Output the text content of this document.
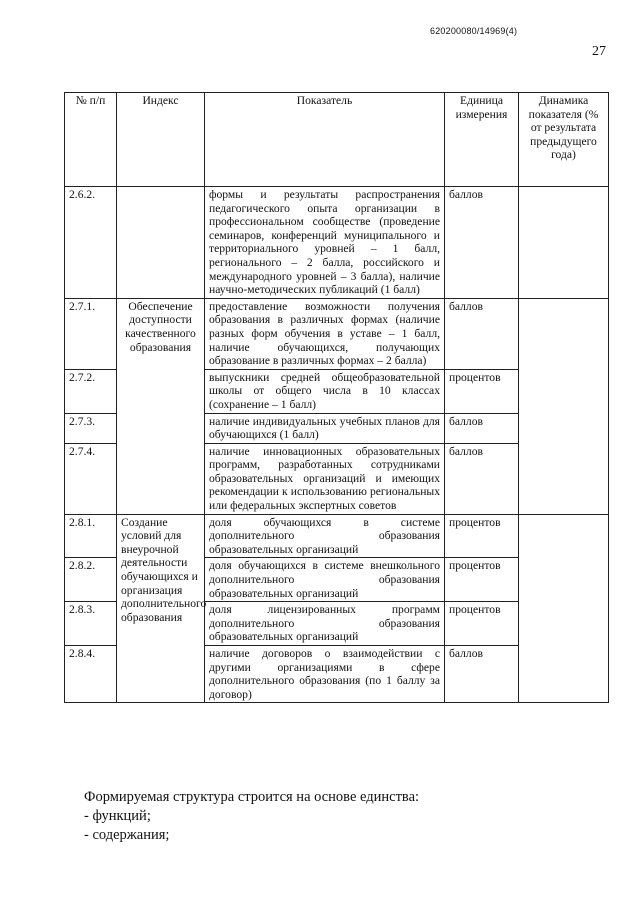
620200080/14969(4)
27
№ п/п	Индекс	Показатель	Единица измерения	Динамика показателя (% от результата предыдущего года)
2.6.2.		формы и результаты распространения педагогического опыта организации в профессиональном сообществе (проведение семинаров, конференций муниципального и территориального уровней – 1 балл, регионального – 2 балла, российского и международного уровней – 3 балла), наличие научно-методических публикаций (1 балл)	баллов	
2.7.1.	Обеспечение доступности качественного образования	предоставление возможности получения образования в различных формах (наличие разных форм обучения в уставе – 1 балл, наличие обучающихся, получающих образование в различных формах – 2 балла)	баллов	
2.7.2.		выпускники средней общеобразовательной школы от общего числа в 10 классах (сохранение – 1 балл)	процентов	
2.7.3.		наличие индивидуальных учебных планов для обучающихся (1 балл)	баллов	
2.7.4.		наличие инновационных образовательных программ, разработанных сотрудниками образовательных организаций и имеющих рекомендации к использованию региональных или федеральных экспертных советов	баллов	
2.8.1.	Создание условий для внеурочной деятельности обучающихся и организация дополнительного образования	доля обучающихся в системе дополнительного образования образовательных организаций	процентов	
2.8.2.		доля обучающихся в системе внешкольного дополнительного образования образовательных организаций	процентов	
2.8.3.		доля лицензированных программ дополнительного образования образовательных организаций	процентов	
2.8.4.		наличие договоров о взаимодействии с другими организациями в сфере дополнительного образования (по 1 баллу за договор)	баллов	
Формируемая структура строится на основе единства:
- функций;
- содержания;
